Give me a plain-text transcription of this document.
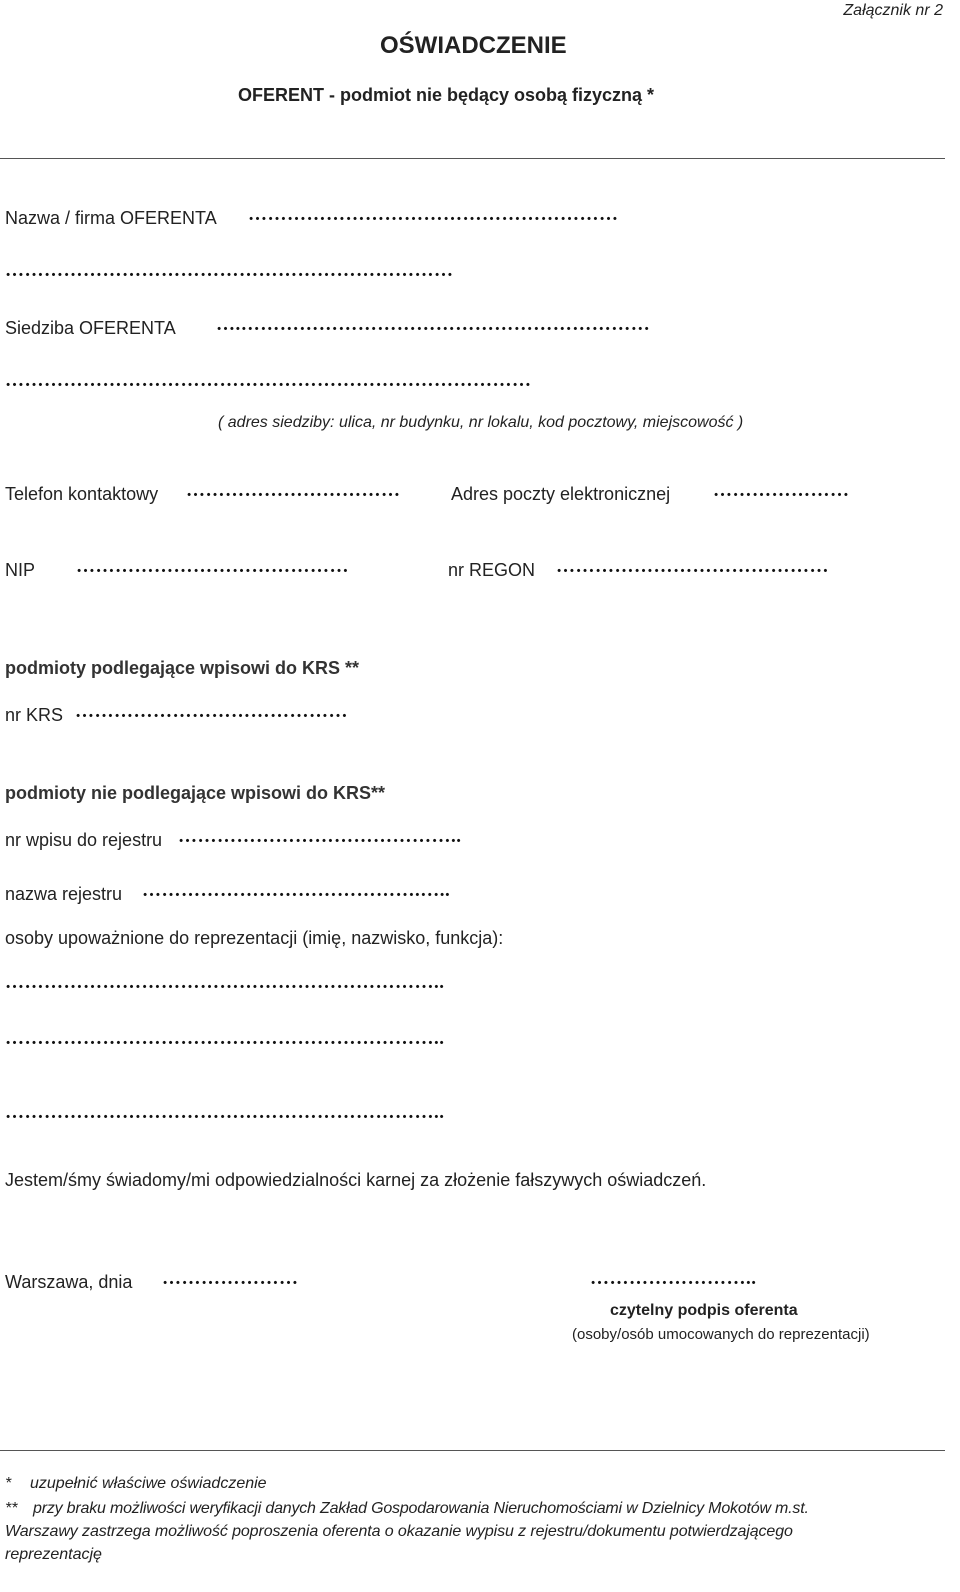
Załącznik nr 2
OŚWIADCZENIE
OFERENT - podmiot nie będący osobą fizyczną *
Nazwa / firma OFERENTA …………………………………………………
……………………………………………………………
Siedziba OFERENTA ….………………………………………………………
………………………………………………………………………
( adres siedziby: ulica, nr budynku, nr lokalu, kod pocztowy, miejscowość )
Telefon kontaktowy ……………………………	Adres poczty elektronicznej …………………
NIP ……………………………………	nr REGON ……………………………………
podmioty podlegające wpisowi do KRS **
nr KRS ……………………………………
podmioty nie podlegające wpisowi do KRS**
nr wpisu do rejestru ……………………………………..
nazwa rejestru …………………………………….…..
osoby upoważnione do reprezentacji (imię, nazwisko, funkcja):
…………………………………………………………..
…………………………………………………………..
…………………………………………………………..
Jestem/śmy świadomy/mi odpowiedzialności karnej za złożenie fałszywych oświadczeń.
Warszawa, dnia …………………	……………………..
czytelny podpis oferenta
(osoby/osób umocowanych do reprezentacji)
* uzupełnić właściwe oświadczenie
** przy braku możliwości weryfikacji danych Zakład Gospodarowania Nieruchomościami w Dzielnicy Mokotów m.st.
Warszawy zastrzega możliwość poproszenia oferenta o okazanie wypisu z rejestru/dokumentu potwierdzającego
reprezentację
